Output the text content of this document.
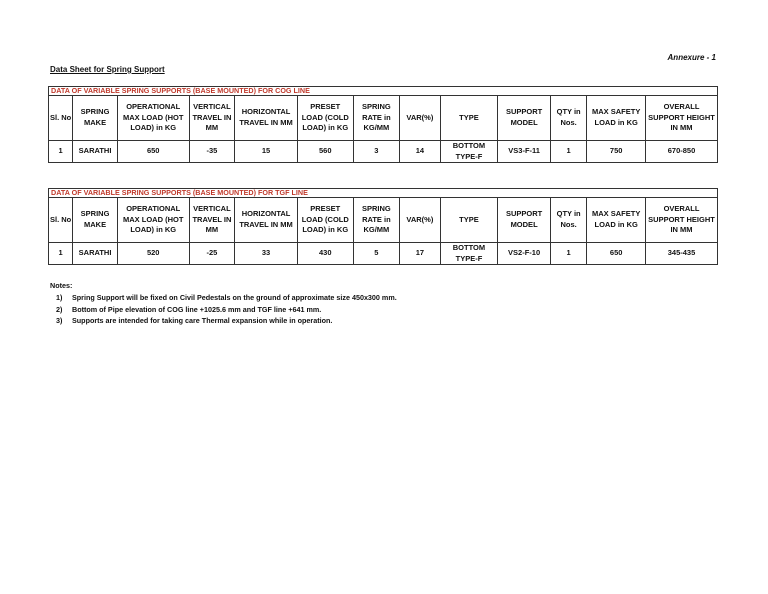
Annexure - 1
Data Sheet for Spring Support
DATA OF VARIABLE SPRING SUPPORTS (BASE MOUNTED) FOR COG LINE
Sl. No	SPRING MAKE	OPERATIONAL MAX LOAD (HOT LOAD) in KG	VERTICAL TRAVEL IN MM	HORIZONTAL TRAVEL IN MM	PRESET LOAD (COLD LOAD) in KG	SPRING RATE in KG/MM	VAR(%)	TYPE	SUPPORT MODEL	QTY in Nos.	MAX SAFETY LOAD in KG	OVERALL SUPPORT HEIGHT IN MM
1	SARATHI	650	-35	15	560	3	14	BOTTOM TYPE-F	VS3-F-11	1	750	670-850
DATA OF VARIABLE SPRING SUPPORTS (BASE MOUNTED) FOR TGF LINE
Sl. No	SPRING MAKE	OPERATIONAL MAX LOAD (HOT LOAD) in KG	VERTICAL TRAVEL IN MM	HORIZONTAL TRAVEL IN MM	PRESET LOAD (COLD LOAD) in KG	SPRING RATE in KG/MM	VAR(%)	TYPE	SUPPORT MODEL	QTY in Nos.	MAX SAFETY LOAD in KG	OVERALL SUPPORT HEIGHT IN MM
1	SARATHI	520	-25	33	430	5	17	BOTTOM TYPE-F	VS2-F-10	1	650	345-435
Notes:
1)	Spring Support will be fixed on Civil Pedestals on the ground of approximate size 450x300 mm.
2)	Bottom of Pipe elevation of COG line +1025.6 mm and TGF line +641 mm.
3)	Supports are intended for taking care Thermal expansion while in operation.
